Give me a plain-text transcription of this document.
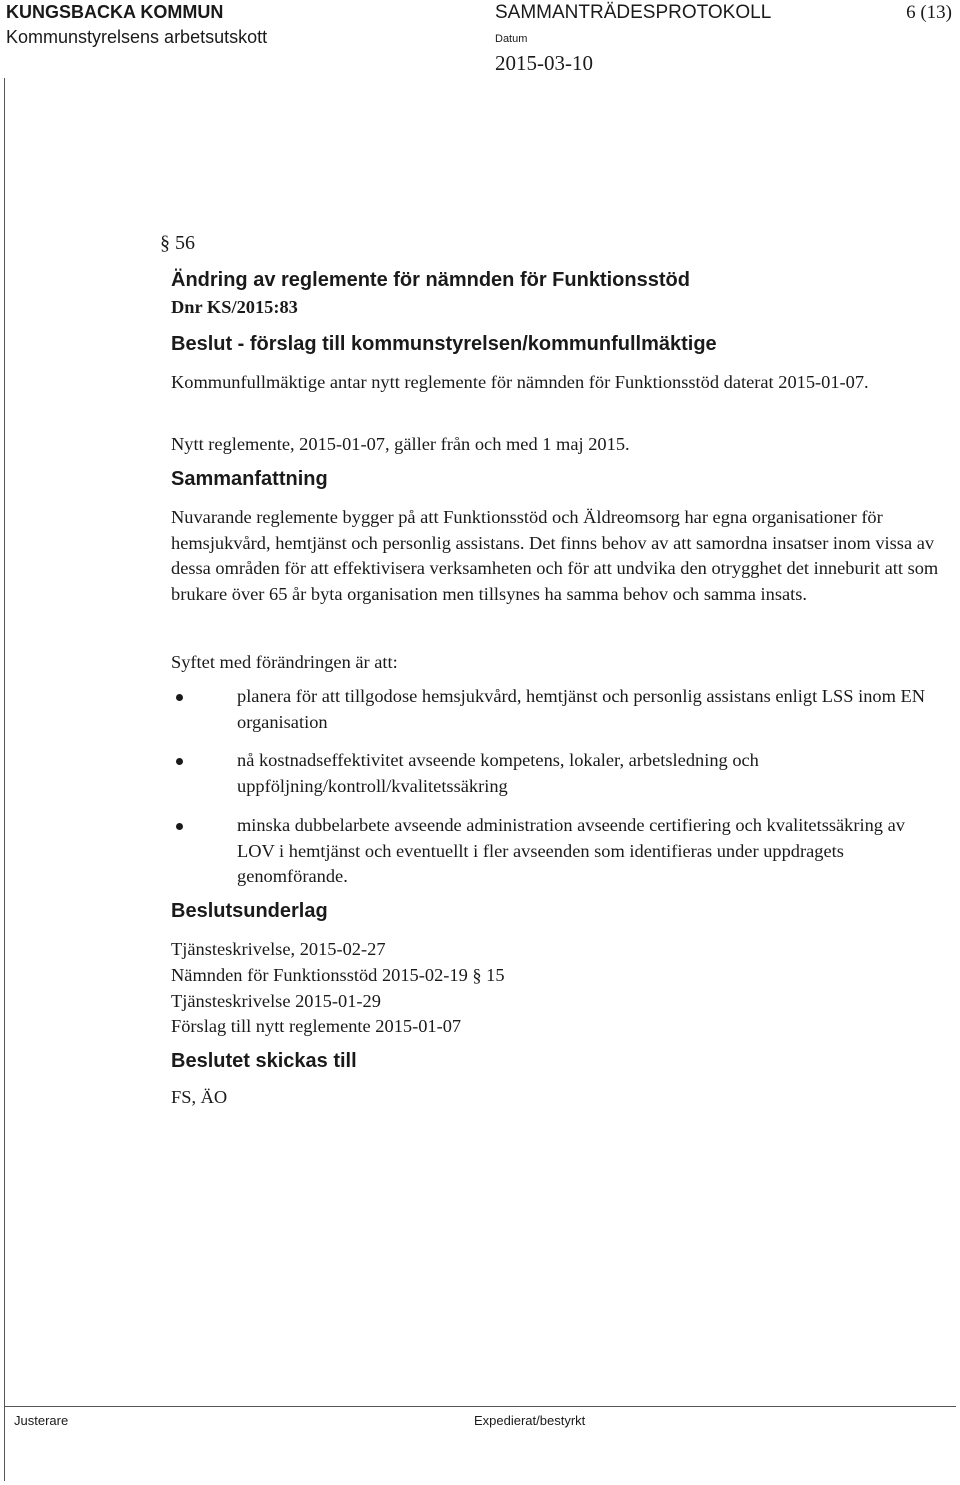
KUNGSBACKA KOMMUN
Kommunstyrelsens arbetsutskott
SAMMANTRÄDESPROTOKOLL	6 (13)
Datum
2015-03-10
§ 56
Ändring av reglemente för nämnden för Funktionsstöd
Dnr KS/2015:83
Beslut - förslag till kommunstyrelsen/kommunfullmäktige
Kommunfullmäktige antar nytt reglemente för nämnden för Funktionsstöd daterat 2015-01-07.
Nytt reglemente, 2015-01-07, gäller från och med 1 maj 2015.
Sammanfattning
Nuvarande reglemente bygger på att Funktionsstöd och Äldreomsorg har egna organisationer för hemsjukvård, hemtjänst och personlig assistans. Det finns behov av att samordna insatser inom vissa av dessa områden för att effektivisera verksamheten och för att undvika den otrygghet det inneburit att som brukare över 65 år byta organisation men tillsynes ha samma behov och samma insats.
Syftet med förändringen är att:
planera för att tillgodose hemsjukvård, hemtjänst och personlig assistans enligt LSS inom EN organisation
nå kostnadseffektivitet avseende kompetens, lokaler, arbetsledning och uppföljning/kontroll/kvalitetssäkring
minska dubbelarbete avseende administration avseende certifiering och kvalitetssäkring av LOV i hemtjänst och eventuellt i fler avseenden som identifieras under uppdragets genomförande.
Beslutsunderlag
Tjänsteskrivelse, 2015-02-27
Nämnden för Funktionsstöd 2015-02-19 § 15
Tjänsteskrivelse 2015-01-29
Förslag till nytt reglemente 2015-01-07
Beslutet skickas till
FS, ÄO
Justerare	Expedierat/bestyrkt
